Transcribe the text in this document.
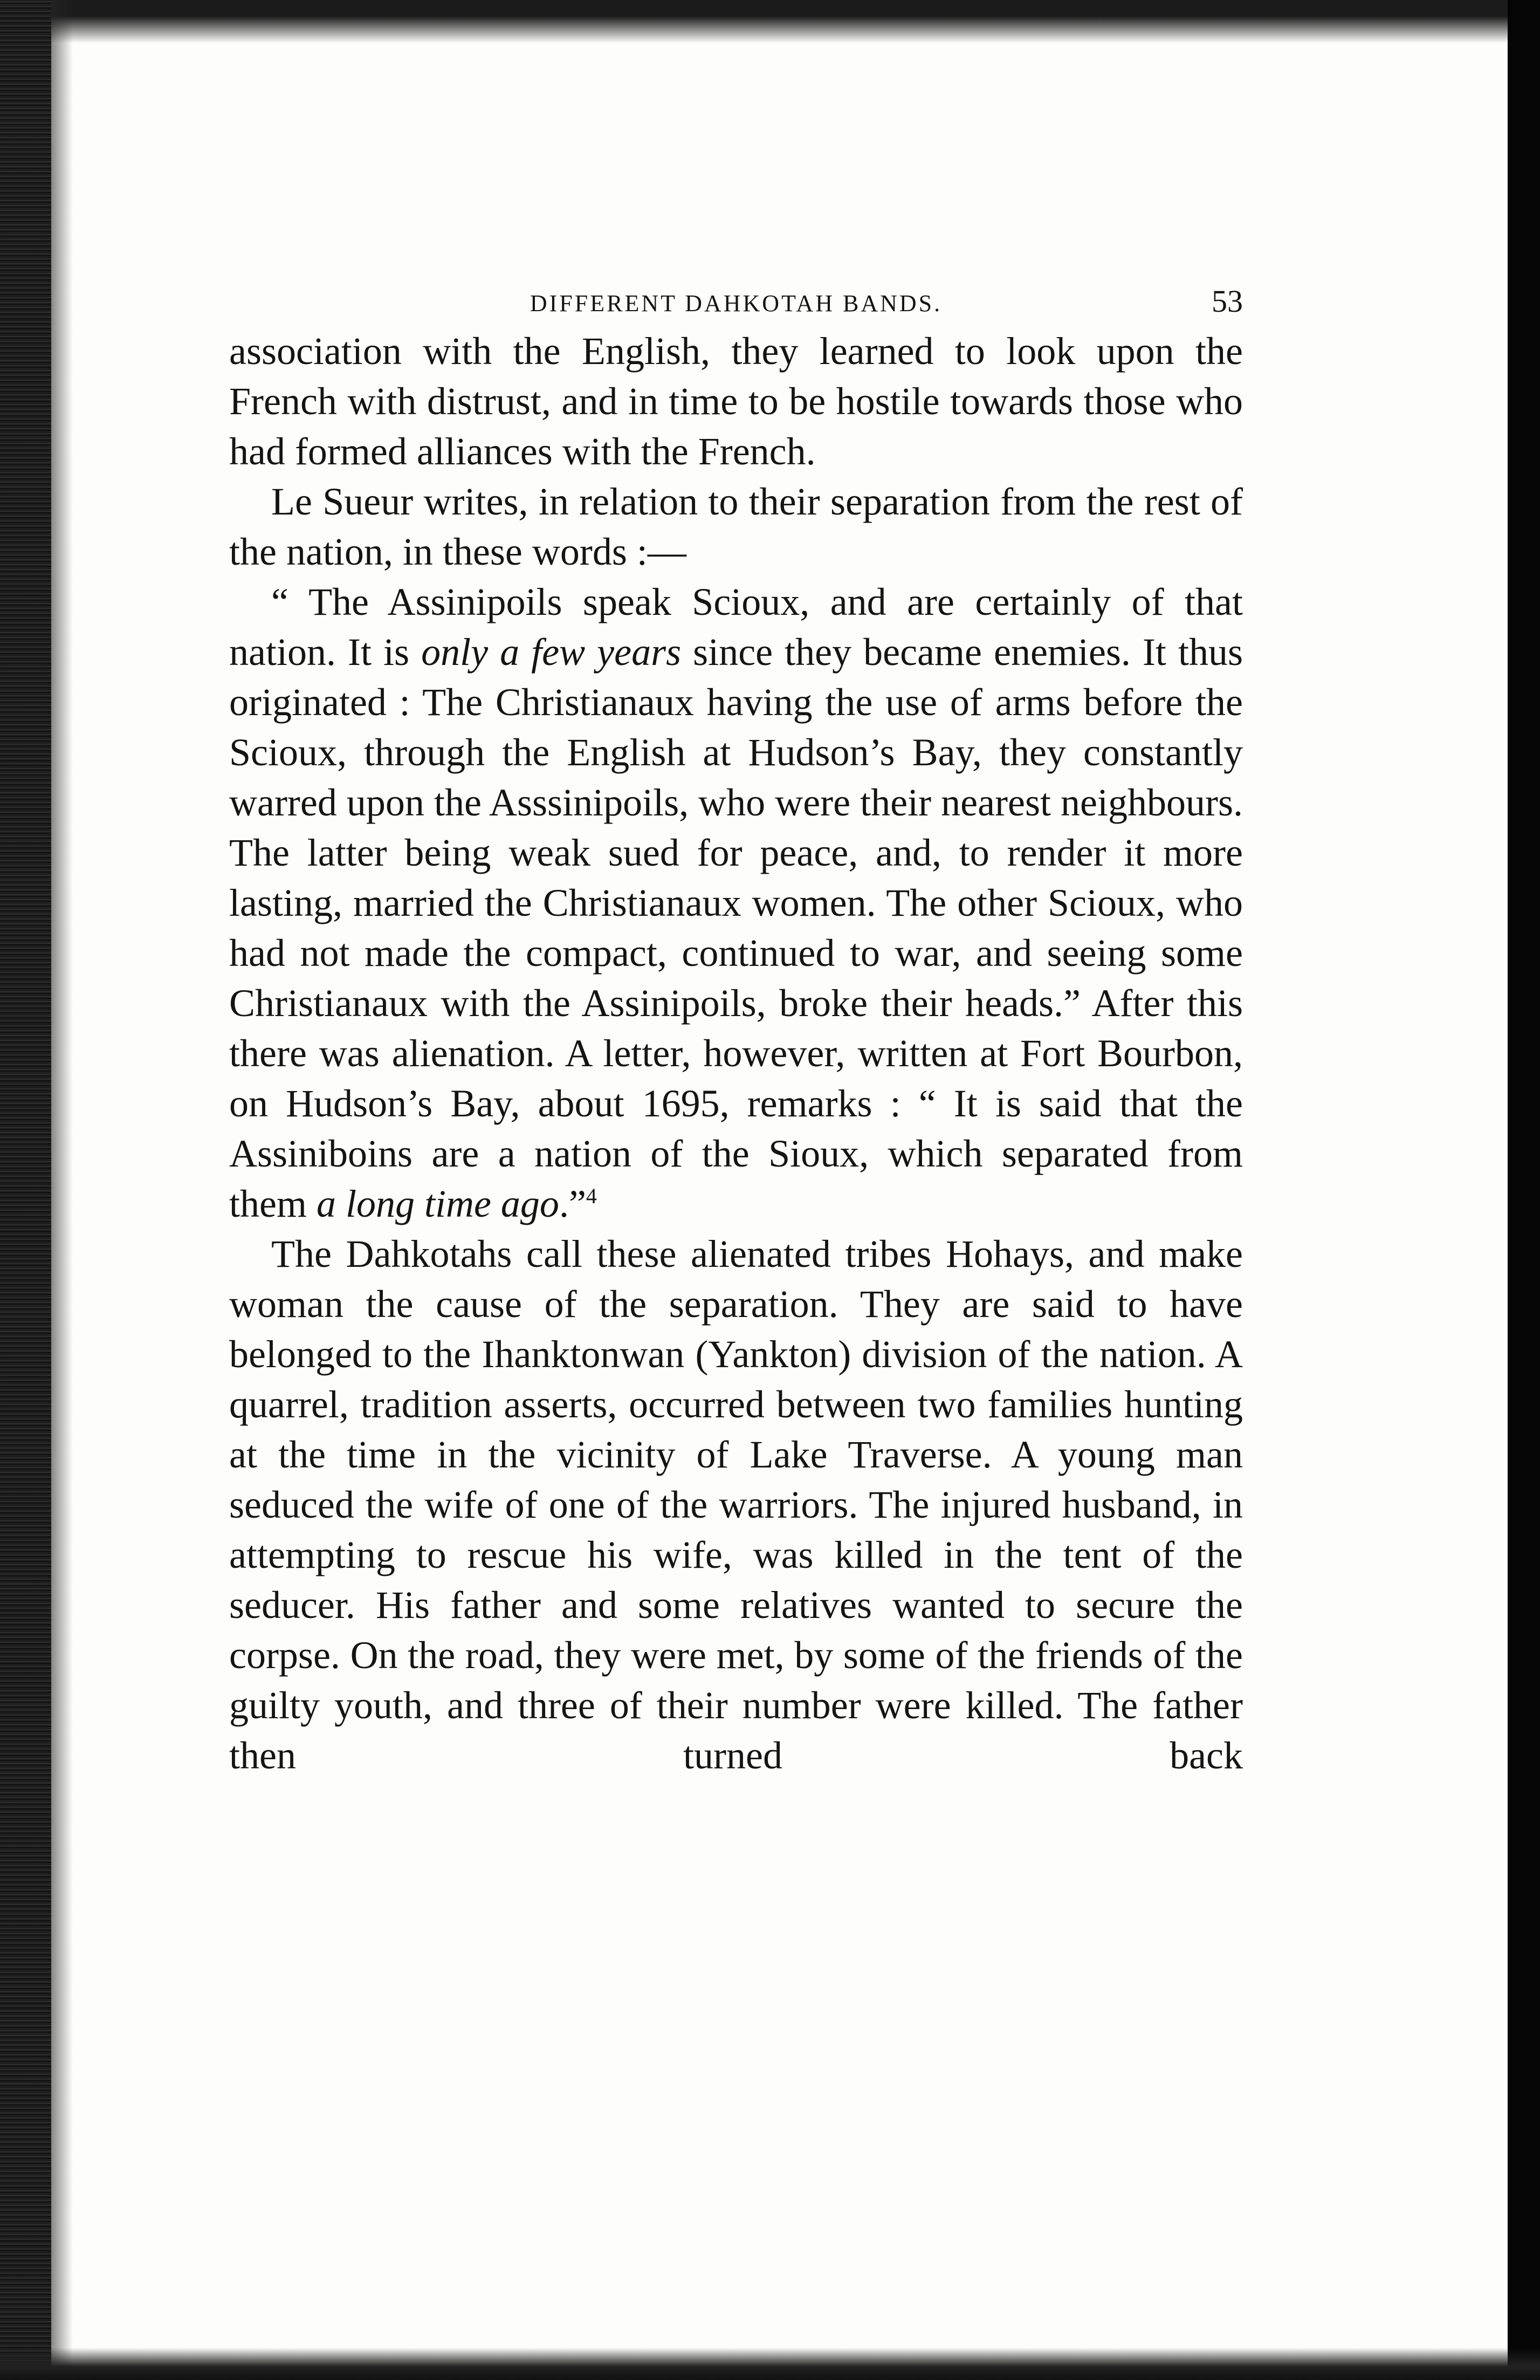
DIFFERENT DAHKOTAH BANDS.	53

association with the English, they learned to look upon the French with distrust, and in time to be hostile towards those who had formed alliances with the French.

Le Sueur writes, in relation to their separation from the rest of the nation, in these words :—

“ The Assinipoils speak Scioux, and are certainly of that nation. It is only a few years since they became enemies. It thus originated : The Christianaux having the use of arms before the Scioux, through the English at Hudson’s Bay, they constantly warred upon the Asssinipoils, who were their nearest neighbours. The latter being weak sued for peace, and, to render it more lasting, married the Christianaux women. The other Scioux, who had not made the compact, continued to war, and seeing some Christianaux with the Assinipoils, broke their heads.” After this there was alienation. A letter, however, written at Fort Bourbon, on Hudson’s Bay, about 1695, remarks : “ It is said that the Assiniboins are a nation of the Sioux, which separated from them a long time ago.”$^4$

The Dahkotahs call these alienated tribes Hohays, and make woman the cause of the separation. They are said to have belonged to the Ihanktonwan (Yankton) division of the nation. A quarrel, tradition asserts, occurred between two families hunting at the time in the vicinity of Lake Traverse. A young man seduced the wife of one of the warriors. The injured husband, in attempting to rescue his wife, was killed in the tent of the seducer. His father and some relatives wanted to secure the corpse. On the road, they were met, by some of the friends of the guilty youth, and three of their number were killed. The father then turned back
